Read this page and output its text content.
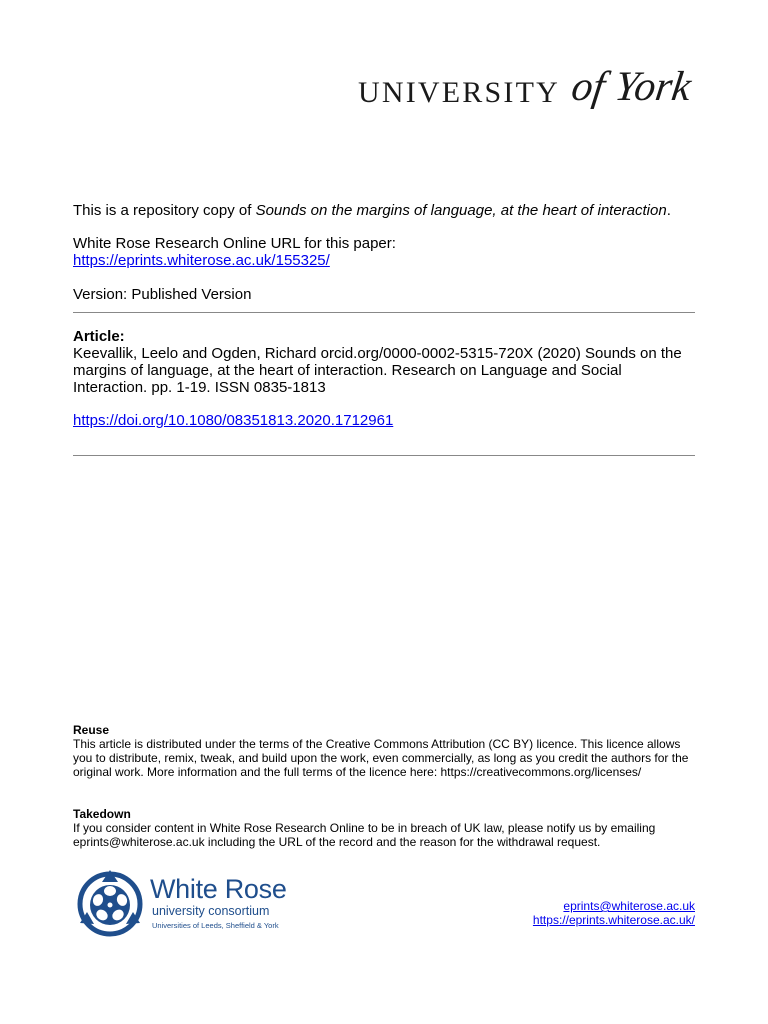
UNIVERSITY of York
This is a repository copy of Sounds on the margins of language, at the heart of interaction.
White Rose Research Online URL for this paper:
https://eprints.whiterose.ac.uk/155325/
Version: Published Version
Article:
Keevallik, Leelo and Ogden, Richard orcid.org/0000-0002-5315-720X (2020) Sounds on the margins of language, at the heart of interaction. Research on Language and Social Interaction. pp. 1-19. ISSN 0835-1813
https://doi.org/10.1080/08351813.2020.1712961
Reuse
This article is distributed under the terms of the Creative Commons Attribution (CC BY) licence. This licence allows you to distribute, remix, tweak, and build upon the work, even commercially, as long as you credit the authors for the original work. More information and the full terms of the licence here: https://creativecommons.org/licenses/
Takedown
If you consider content in White Rose Research Online to be in breach of UK law, please notify us by emailing eprints@whiterose.ac.uk including the URL of the record and the reason for the withdrawal request.
White Rose
university consortium
Universities of Leeds, Sheffield & York
eprints@whiterose.ac.uk
https://eprints.whiterose.ac.uk/
